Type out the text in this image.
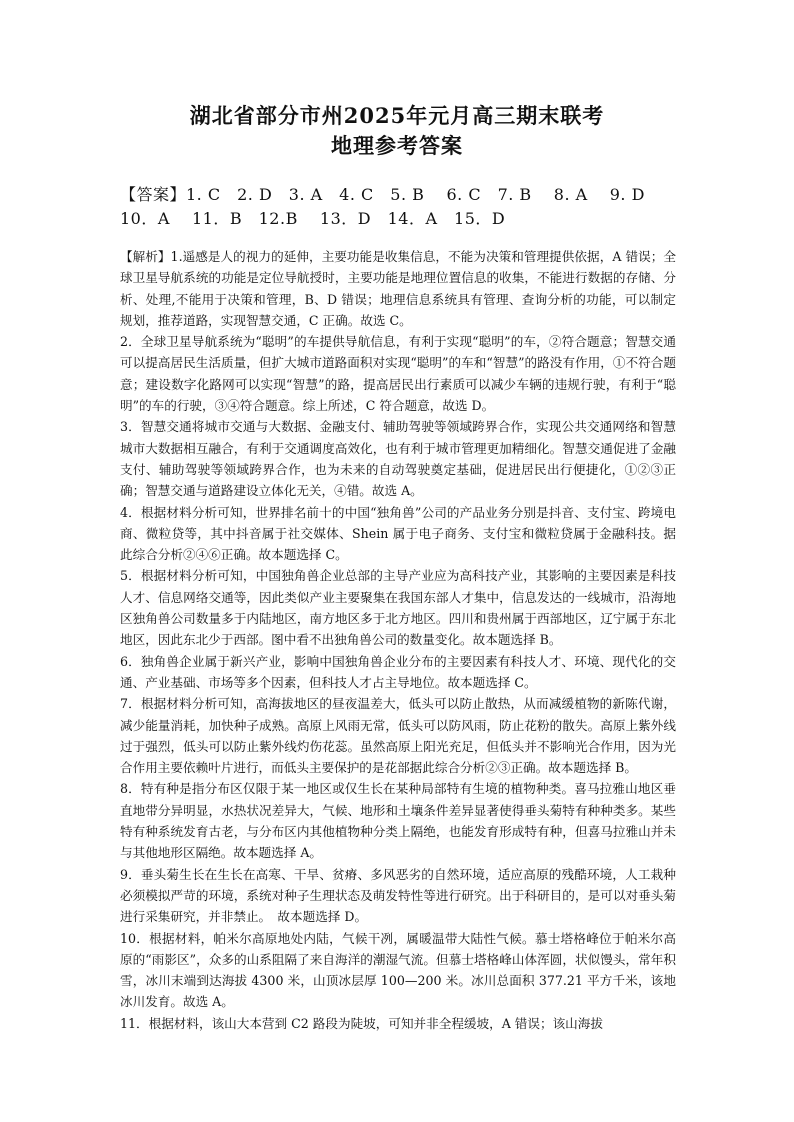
湖北省部分市州2025年元月高三期末联考
地理参考答案
【答案】1. C　2. D　3. A　4. C　5. B　 6. C　7. B　 8. A　 9. D
10．A　 11．B　12.B　 13．D　14．A　15．D

【解析】1.遥感是人的视力的延伸，主要功能是收集信息，不能为决策和管理提供依据，A 错误；全球卫星导航系统的功能是定位导航授时，主要功能是地理位置信息的收集，不能进行数据的存储、分析、处理,不能用于决策和管理，B、D 错误；地理信息系统具有管理、查询分析的功能，可以制定规划，推荐道路，实现智慧交通，C 正确。故选 C。

2．全球卫星导航系统为“聪明”的车提供导航信息，有利于实现“聪明”的车，②符合题意；智慧交通可以提高居民生活质量，但扩大城市道路面积对实现“聪明”的车和“智慧”的路没有作用，①不符合题意；建设数字化路网可以实现“智慧”的路，提高居民出行素质可以减少车辆的违规行驶，有利于“聪明”的车的行驶，③④符合题意。综上所述，C 符合题意，故选 D。

3．智慧交通将城市交通与大数据、金融支付、辅助驾驶等领域跨界合作，实现公共交通网络和智慧城市大数据相互融合，有利于交通调度高效化，也有利于城市管理更加精细化。智慧交通促进了金融支付、辅助驾驶等领域跨界合作，也为未来的自动驾驶奠定基础，促进居民出行便捷化，①②③正确；智慧交通与道路建设立体化无关，④错。故选 A。

4．根据材料分析可知，世界排名前十的中国“独角兽”公司的产品业务分别是抖音、支付宝、跨境电商、微粒贷等，其中抖音属于社交媒体、Shein 属于电子商务、支付宝和微粒贷属于金融科技。据此综合分析②④⑥正确。故本题选择 C。

5．根据材料分析可知，中国独角兽企业总部的主导产业应为高科技产业，其影响的主要因素是科技人才、信息网络交通等，因此类似产业主要聚集在我国东部人才集中，信息发达的一线城市，沿海地区独角兽公司数量多于内陆地区，南方地区多于北方地区。四川和贵州属于西部地区，辽宁属于东北地区，因此东北少于西部。图中看不出独角兽公司的数量变化。故本题选择 B。

6．独角兽企业属于新兴产业，影响中国独角兽企业分布的主要因素有科技人才、环境、现代化的交通、产业基础、市场等多个因素，但科技人才占主导地位。故本题选择 C。

7．根据材料分析可知，高海拔地区的昼夜温差大，低头可以防止散热，从而减缓植物的新陈代谢，减少能量消耗，加快种子成熟。高原上风雨无常，低头可以防风雨，防止花粉的散失。高原上紫外线过于强烈，低头可以防止紫外线灼伤花蕊。虽然高原上阳光充足，但低头并不影响光合作用，因为光合作用主要依赖叶片进行，而低头主要保护的是花部据此综合分析②③正确。故本题选择 B。

8．特有种是指分布区仅限于某一地区或仅生长在某种局部特有生境的植物种类。喜马拉雅山地区垂直地带分异明显，水热状况差异大，气候、地形和土壤条件差异显著使得垂头菊特有种种类多。某些特有种系统发育古老，与分布区内其他植物种分类上隔绝，也能发育形成特有种，但喜马拉雅山并未与其他地形区隔绝。故本题选择 A。

9．垂头菊生长在生长在高寒、干旱、贫瘠、多风恶劣的自然环境，适应高原的残酷环境，人工栽种必须模拟严苛的环境，系统对种子生理状态及萌发特性等进行研究。出于科研目的，是可以对垂头菊进行采集研究，并非禁止。　故本题选择 D。

10．根据材料，帕米尔高原地处内陆，气候干冽，属暖温带大陆性气候。慕士塔格峰位于帕米尔高原的“雨影区”，众多的山系阻隔了来自海洋的潮湿气流。但慕士塔格峰山体浑圆，状似馒头，常年积雪，冰川末端到达海拔 4300 米，山顶冰层厚 100—200 米。冰川总面积 377.21 平方千米，该地冰川发育。故选 A。

11．根据材料，该山大本营到 C2 路段为陡坡，可知并非全程缓坡，A 错误；该山海拔
